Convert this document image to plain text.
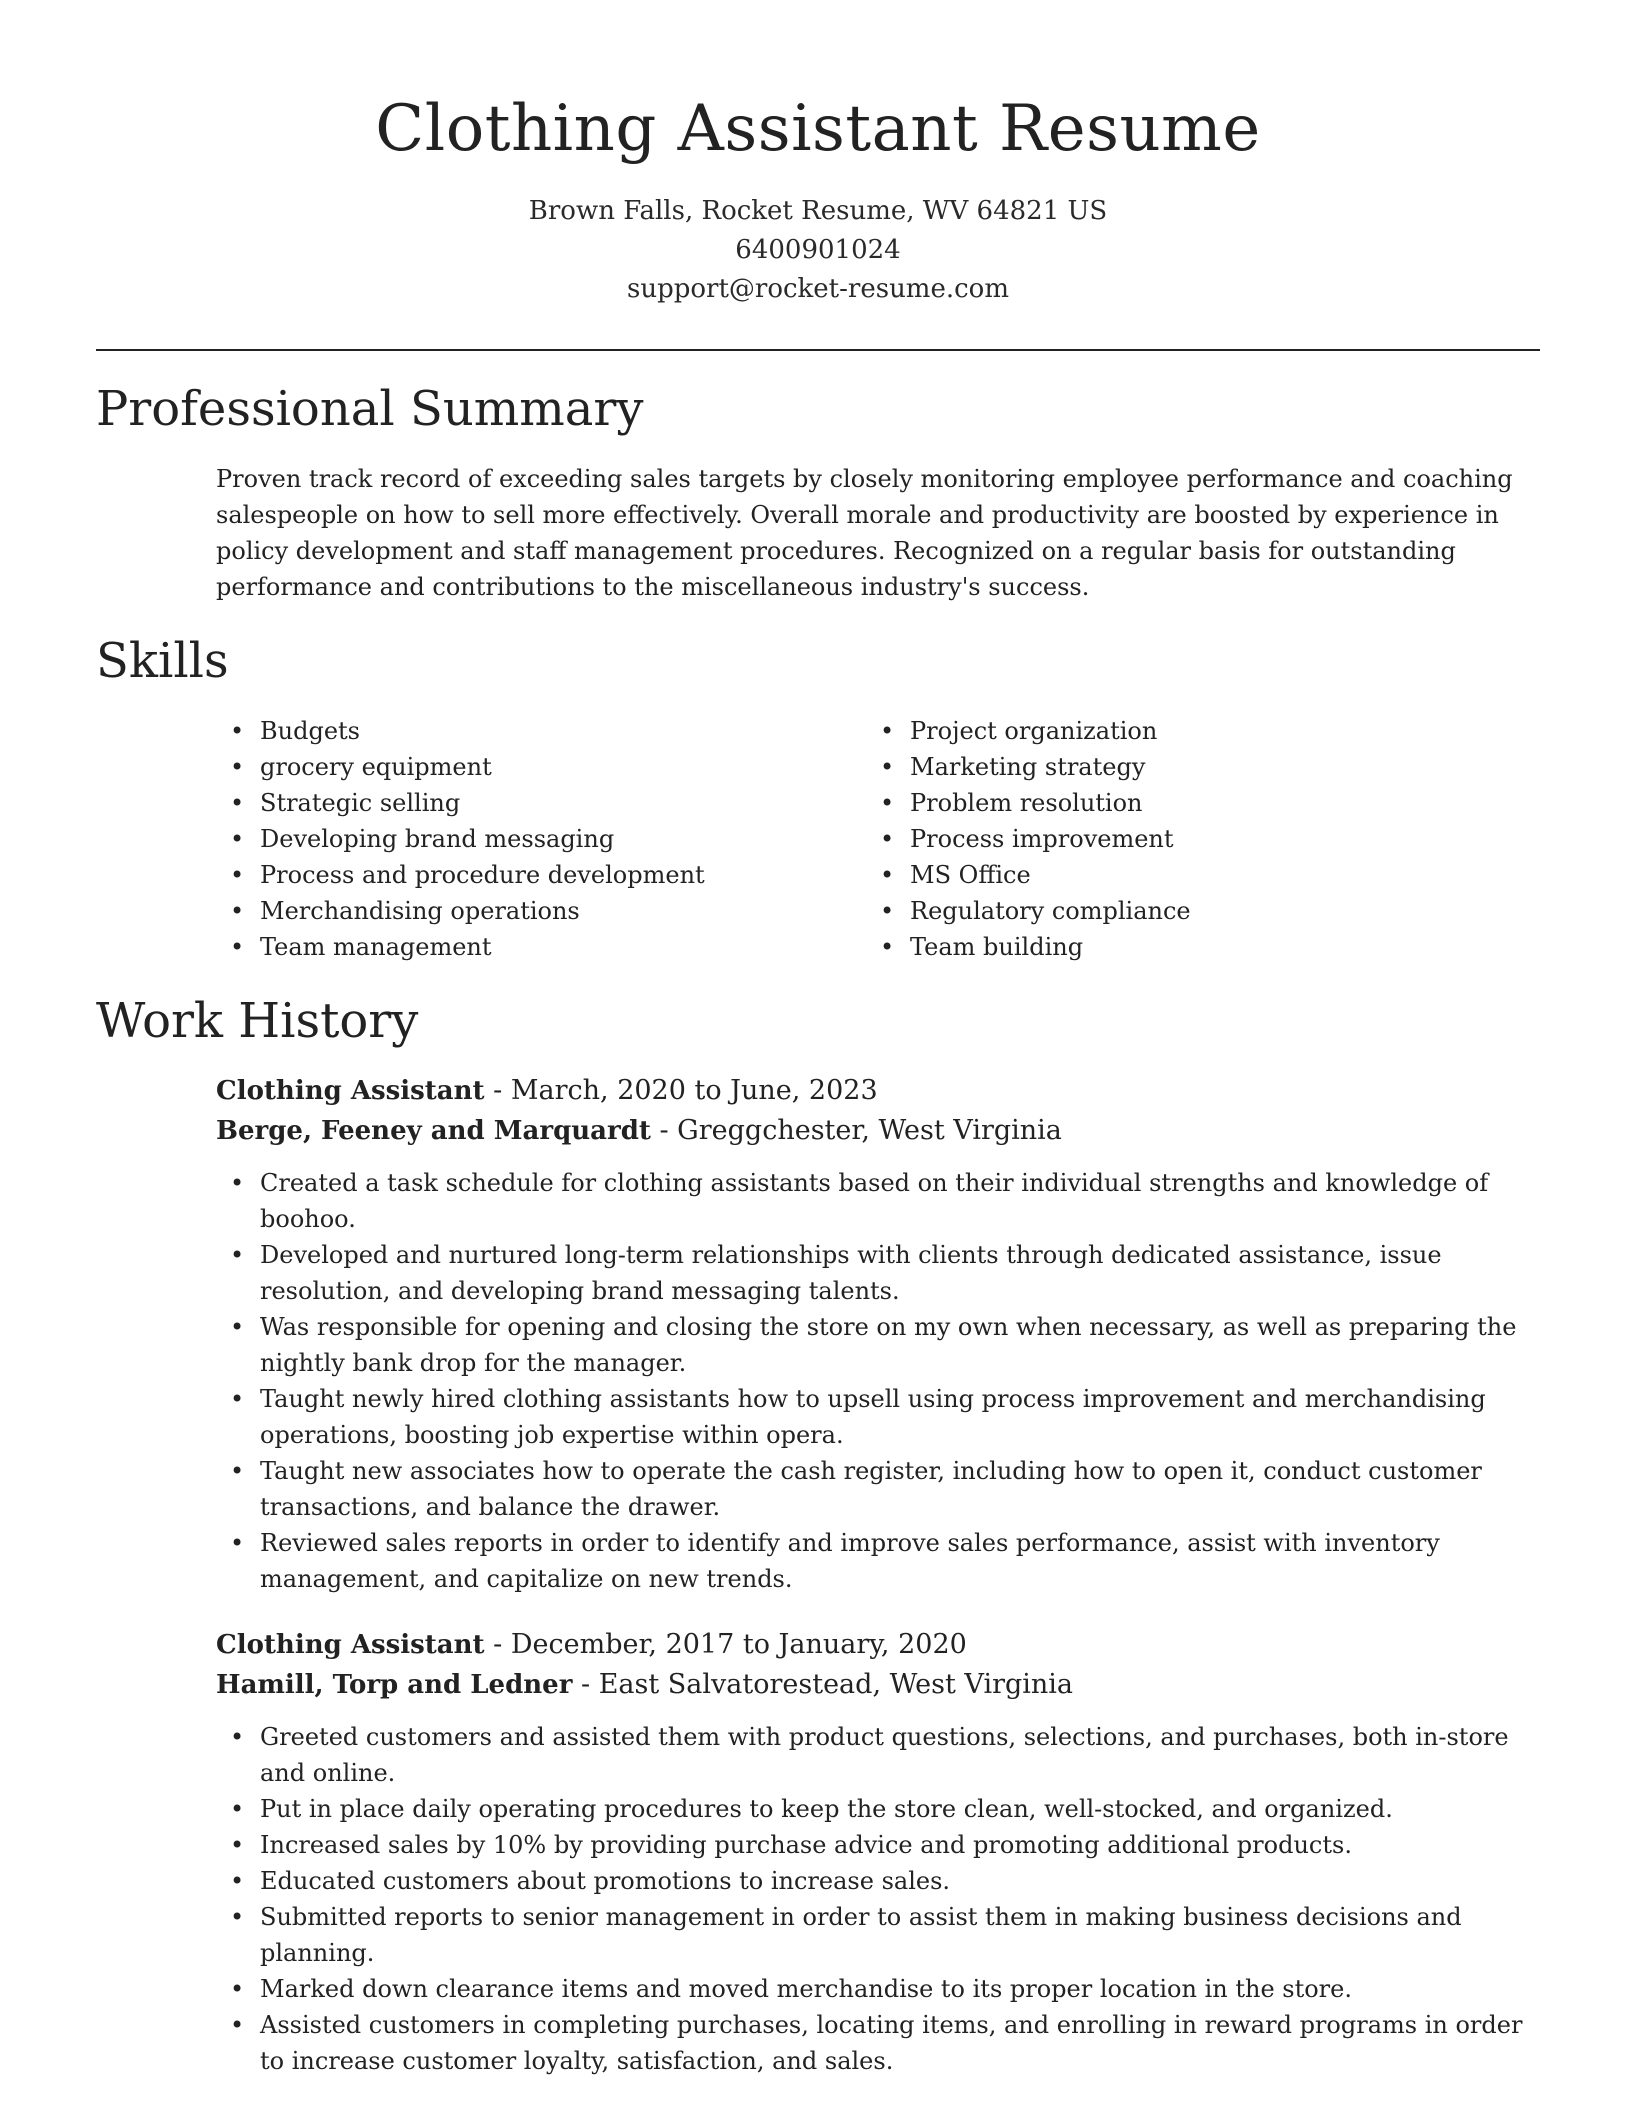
Clothing Assistant Resume
Brown Falls, Rocket Resume, WV 64821 US
6400901024
support@rocket-resume.com
Professional Summary

Proven track record of exceeding sales targets by closely monitoring employee performance and coaching salespeople on how to sell more effectively. Overall morale and productivity are boosted by experience in policy development and staff management procedures. Recognized on a regular basis for outstanding performance and contributions to the miscellaneous industry's success.

Skills
• Budgets
• grocery equipment
• Strategic selling
• Developing brand messaging
• Process and procedure development
• Merchandising operations
• Team management
• Project organization
• Marketing strategy
• Problem resolution
• Process improvement
• MS Office
• Regulatory compliance
• Team building
Work History
Clothing Assistant - March, 2020 to June, 2023
Berge, Feeney and Marquardt - Greggchester, West Virginia
• Created a task schedule for clothing assistants based on their individual strengths and knowledge of boohoo.
• Developed and nurtured long-term relationships with clients through dedicated assistance, issue resolution, and developing brand messaging talents.
• Was responsible for opening and closing the store on my own when necessary, as well as preparing the nightly bank drop for the manager.
• Taught newly hired clothing assistants how to upsell using process improvement and merchandising operations, boosting job expertise within opera.
• Taught new associates how to operate the cash register, including how to open it, conduct customer transactions, and balance the drawer.
• Reviewed sales reports in order to identify and improve sales performance, assist with inventory management, and capitalize on new trends.
Clothing Assistant - December, 2017 to January, 2020
Hamill, Torp and Ledner - East Salvatorestead, West Virginia
• Greeted customers and assisted them with product questions, selections, and purchases, both in-store and online.
• Put in place daily operating procedures to keep the store clean, well-stocked, and organized.
• Increased sales by 10% by providing purchase advice and promoting additional products.
• Educated customers about promotions to increase sales.
• Submitted reports to senior management in order to assist them in making business decisions and planning.
• Marked down clearance items and moved merchandise to its proper location in the store.
• Assisted customers in completing purchases, locating items, and enrolling in reward programs in order to increase customer loyalty, satisfaction, and sales.
